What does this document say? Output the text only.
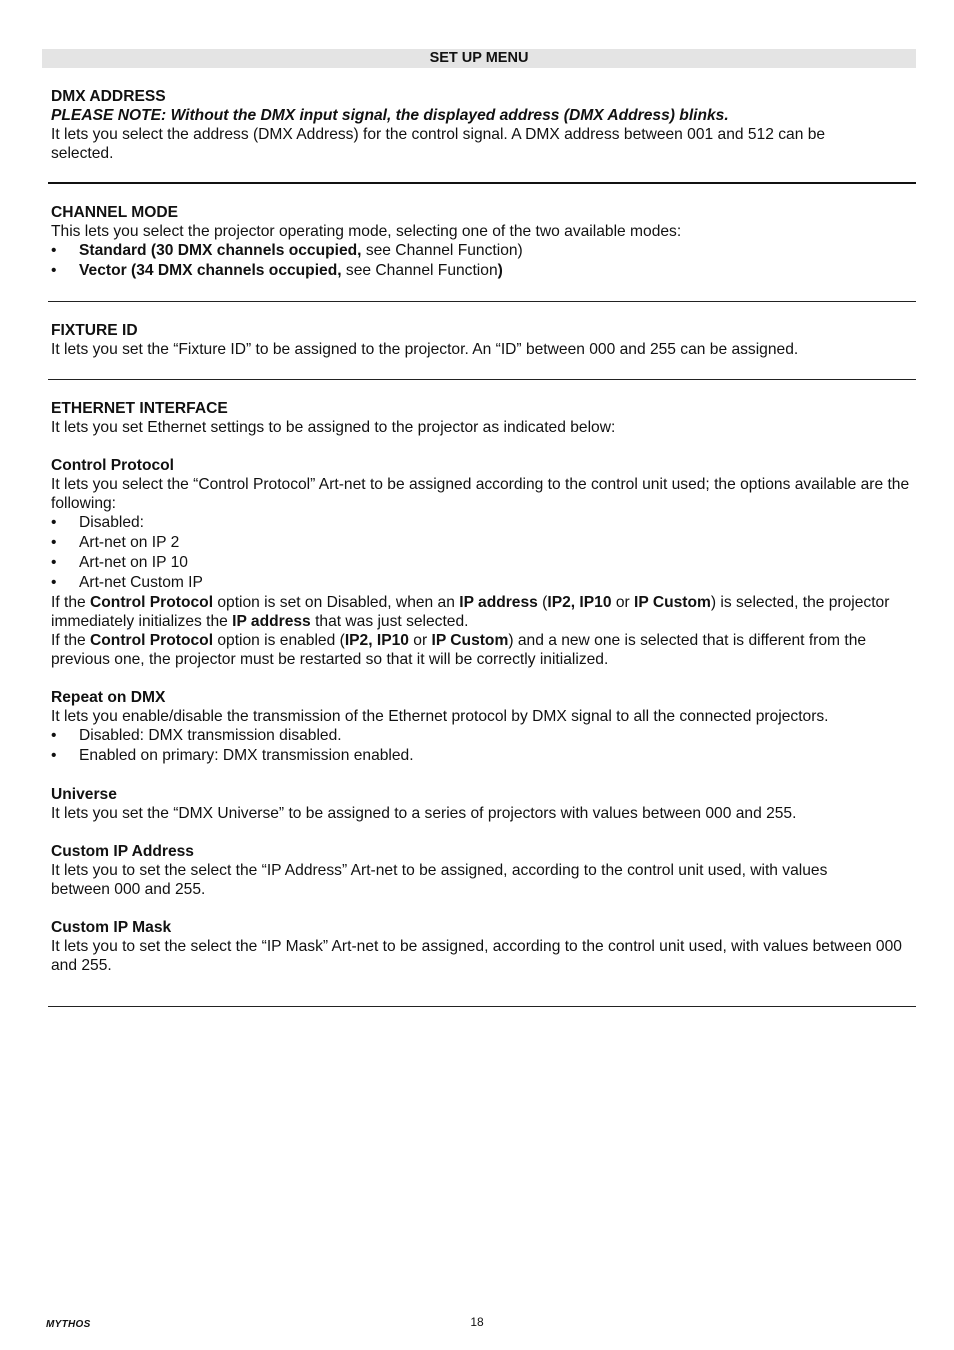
SET UP MENU
DMX ADDRESS
PLEASE NOTE: Without the DMX input signal, the displayed address (DMX Address) blinks.
It lets you select the address (DMX Address) for the control signal. A DMX address between 001 and 512 can be selected.
CHANNEL MODE
This lets you select the projector operating mode, selecting one of the two available modes:
• Standard (30 DMX channels occupied, see Channel Function)
• Vector (34 DMX channels occupied, see Channel Function)
FIXTURE ID
It lets you set the “Fixture ID” to be assigned to the projector. An “ID” between 000 and 255 can be assigned.
ETHERNET INTERFACE
It lets you set Ethernet settings to be assigned to the projector as indicated below:
Control Protocol
It lets you select the “Control Protocol” Art-net to be assigned according to the control unit used; the options available are the following:
• Disabled:
• Art-net on IP 2
• Art-net on IP 10
• Art-net Custom IP
If the Control Protocol option is set on Disabled, when an IP address (IP2, IP10 or IP Custom) is selected, the projector immediately initializes the IP address that was just selected.
If the Control Protocol option is enabled (IP2, IP10 or IP Custom) and a new one is selected that is different from the previous one, the projector must be restarted so that it will be correctly initialized.
Repeat on DMX
It lets you enable/disable the transmission of the Ethernet protocol by DMX signal to all the connected projectors.
• Disabled: DMX transmission disabled.
• Enabled on primary: DMX transmission enabled.
Universe
It lets you set the “DMX Universe” to be assigned to a series of projectors with values between 000 and 255.
Custom IP Address
It lets you to set the select the “IP Address” Art-net to be assigned, according to the control unit used, with values between 000 and 255.
Custom IP Mask
It lets you to set the select the “IP Mask” Art-net to be assigned, according to the control unit used, with values between 000 and 255.
MYTHOS	18
